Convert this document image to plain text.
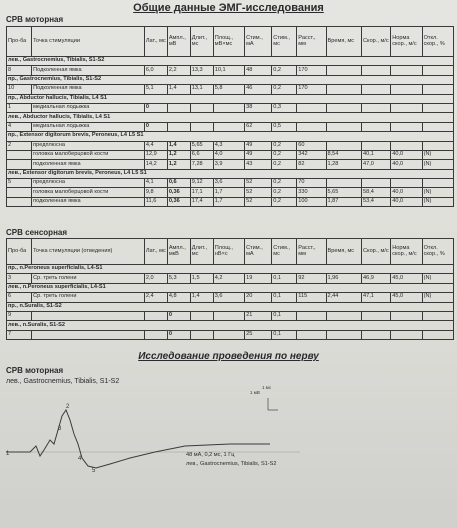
Общие данные ЭМГ-исследования
СРВ моторная
Про-ба	Точка стимуляции	Лат., мс	Ампл., мВ	Длит., мс	Площ., мВ×мс	Стим., мА	Стим., мс	Расст., мм	Время, мс	Скор., м/с	Норма скор., м/с	Откл. скор., %
лев., Gastrocnemius, Tibialis, S1-S2												
8	Подколенная ямка	6,0	2,2	13,3	10,1	48	0,2	170				
пр., Gastrocnemius, Tibialis, S1-S2												
10	Подколенная ямка	5,1	1,4	13,1	5,8	46	0,2	170				
пр., Abductor hallucis, Tibialis, L4 S1												
1	медиальная лодыжка	0				38	0,3					
лев., Abductor hallucis, Tibialis, L4 S1												
4	медиальная лодыжка	0				62	0,5					
пр., Extensor digitorum brevis, Peroneus, L4 L5 S1												
2	предплюсна	4,4	1,4	5,65	4,3	49	0,2	60				
	головка малоберцовой кости	12,9	1,2	6,6	4,0	49	0,2	342	8,54	40,1	40,0	(N)
	подколенная ямка	14,2	1,2	7,28	3,9	43	0,2	82	1,28	47,0	40,0	(N)
лев., Extensor digitorum brevis, Peroneus, L4 L5 S1												
5	предплюсна	4,1	0,6	9,12	3,6	52	0,2	70				
	головка малоберцовой кости	9,8	0,36	17,1	1,7	52	0,2	330	5,65	58,4	40,0	(N)
	подколенная ямка	11,6	0,36	17,4	1,7	52	0,2	100	1,87	53,4	40,0	(N)
СРВ сенсорная
Про-ба	Точка стимуляции (отведения)	Лат., мс	Ампл., мкВ	Длит., мс	Площ., нВ×с	Стим., мА	Стим., мс	Расст., мм	Время, мс	Скор., м/с	Норма скор., м/с	Откл. скор., %
пр., n.Peroneus superficialis, L4-S1												
3	Ср. треть голени	2,0	5,3	1,5	4,2	19	0,1	92	1,96	46,9	45,0	(N)
лев., n.Peroneus superficialis, L4-S1												
6	Ср. треть голени	2,4	4,8	1,4	3,6	20	0,1	115	2,44	47,1	45,0	(N)
пр., n.Suralis, S1-S2												
9			0			21	0,1					
лев., n.Suralis, S1-S2												
7			0			25	0,1					
Исследование проведения по нерву
СРВ моторная
лев., Gastrocnemius, Tibialis, S1-S2
1 мВ
1 мс
1
2
3
4
5
48 мА, 0,2 мс, 1 Гц
лев., Gastrocnemius, Tibialis, S1-S2
